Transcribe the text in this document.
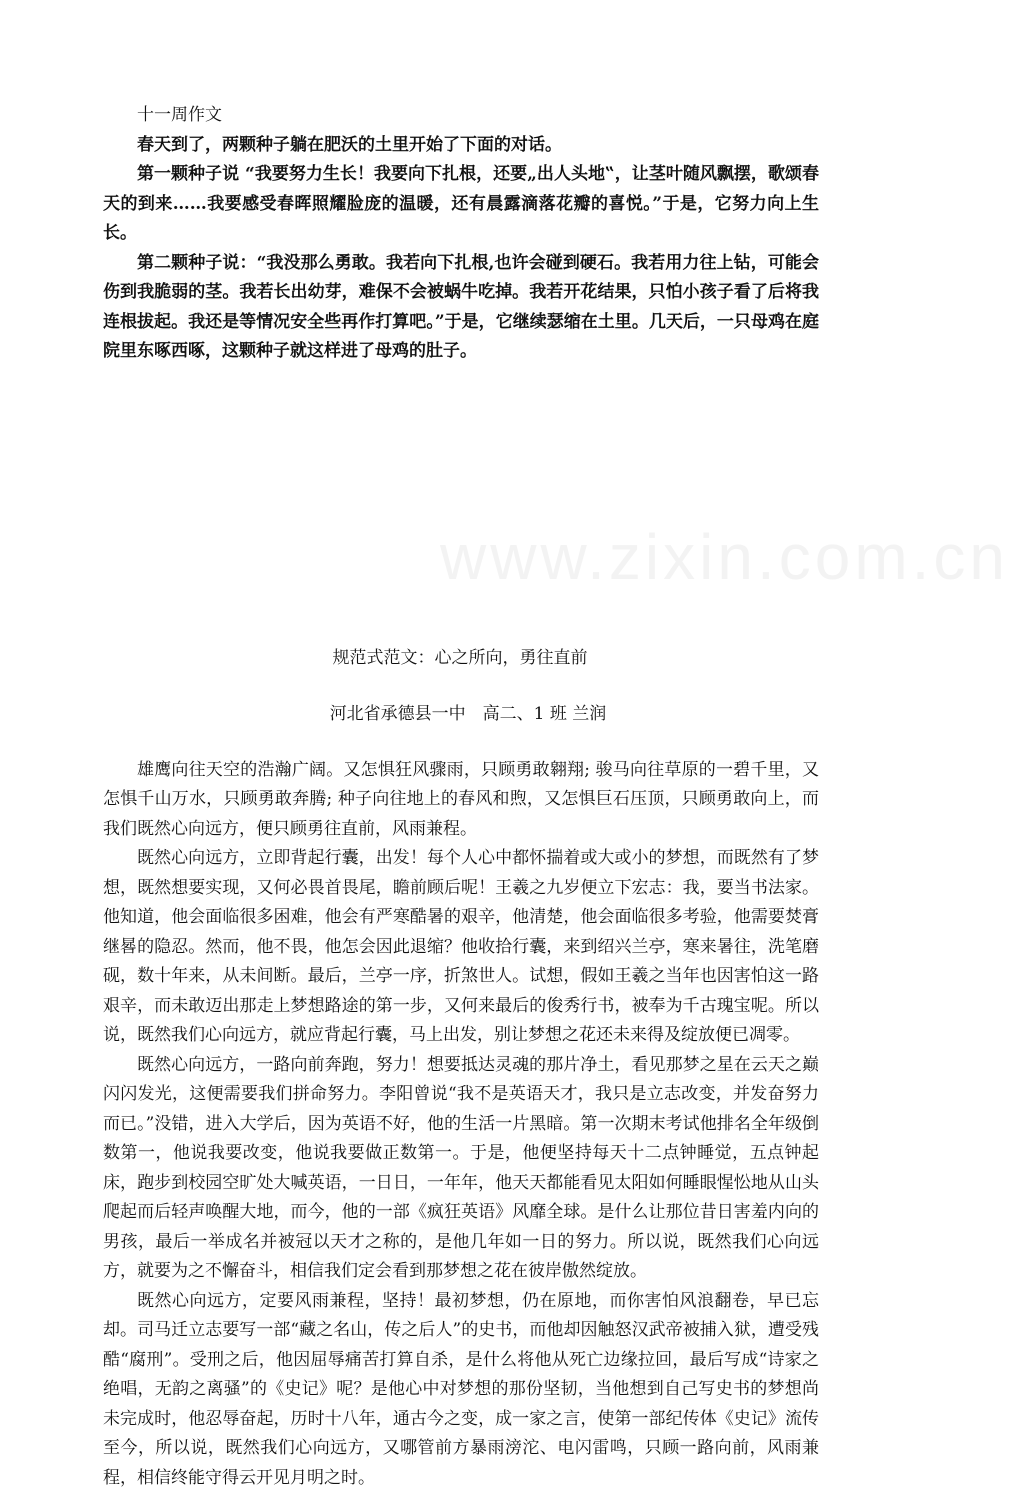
www.zixin.com.cn

十一周作文

春天到了，两颗种子躺在肥沃的土里开始了下面的对话。

第一颗种子说 “我要努力生长！我要向下扎根，还要„出人头地‟，让茎叶随风飘摆，歌颂春天的到来……我要感受春晖照耀脸庞的温暖，还有晨露滴落花瓣的喜悦。”于是，它努力向上生长。

第二颗种子说：“我没那么勇敢。我若向下扎根,也许会碰到硬石。我若用力往上钻，可能会伤到我脆弱的茎。我若长出幼芽，难保不会被蜗牛吃掉。我若开花结果，只怕小孩子看了后将我连根拔起。我还是等情况安全些再作打算吧。”于是，它继续瑟缩在土里。几天后，一只母鸡在庭院里东啄西啄，这颗种子就这样进了母鸡的肚子。

规范式范文：心之所向，勇往直前
河北省承德县一中　高二、1 班 兰润

雄鹰向往天空的浩瀚广阔。又怎惧狂风骤雨，只顾勇敢翱翔; 骏马向往草原的一碧千里，又怎惧千山万水，只顾勇敢奔腾; 种子向往地上的春风和煦，又怎惧巨石压顶，只顾勇敢向上，而我们既然心向远方，便只顾勇往直前，风雨兼程。

既然心向远方，立即背起行囊，出发！每个人心中都怀揣着或大或小的梦想，而既然有了梦想，既然想要实现，又何必畏首畏尾，瞻前顾后呢！王羲之九岁便立下宏志：我，要当书法家。他知道，他会面临很多困难，他会有严寒酷暑的艰辛，他清楚，他会面临很多考验，他需要焚膏继晷的隐忍。然而，他不畏，他怎会因此退缩？他收拾行囊，来到绍兴兰亭，寒来暑往，洗笔磨砚，数十年来，从未间断。最后，兰亭一序，折煞世人。试想，假如王羲之当年也因害怕这一路艰辛，而未敢迈出那走上梦想路途的第一步，又何来最后的俊秀行书，被奉为千古瑰宝呢。所以说，既然我们心向远方，就应背起行囊，马上出发，别让梦想之花还未来得及绽放便已凋零。

既然心向远方，一路向前奔跑，努力！想要抵达灵魂的那片净土，看见那梦之星在云天之巅闪闪发光，这便需要我们拼命努力。李阳曾说“我不是英语天才，我只是立志改变，并发奋努力而已。”没错，进入大学后，因为英语不好，他的生活一片黑暗。第一次期末考试他排名全年级倒数第一，他说我要改变，他说我要做正数第一。于是，他便坚持每天十二点钟睡觉，五点钟起床，跑步到校园空旷处大喊英语，一日日，一年年，他天天都能看见太阳如何睡眼惺忪地从山头爬起而后轻声唤醒大地，而今，他的一部《疯狂英语》风靡全球。是什么让那位昔日害羞内向的男孩，最后一举成名并被冠以天才之称的，是他几年如一日的努力。所以说，既然我们心向远方，就要为之不懈奋斗，相信我们定会看到那梦想之花在彼岸傲然绽放。

既然心向远方，定要风雨兼程，坚持！最初梦想，仍在原地，而你害怕风浪翻卷，早已忘却。司马迁立志要写一部“藏之名山，传之后人”的史书，而他却因触怒汉武帝被捕入狱，遭受残酷“腐刑”。受刑之后，他因屈辱痛苦打算自杀，是什么将他从死亡边缘拉回，最后写成“诗家之绝唱，无韵之离骚”的《史记》呢？是他心中对梦想的那份坚韧，当他想到自己写史书的梦想尚未完成时，他忍辱奋起，历时十八年，通古今之变，成一家之言，使第一部纪传体《史记》流传至今，所以说，既然我们心向远方，又哪管前方暴雨滂沱、电闪雷鸣，只顾一路向前，风雨兼程，相信终能守得云开见月明之时。
